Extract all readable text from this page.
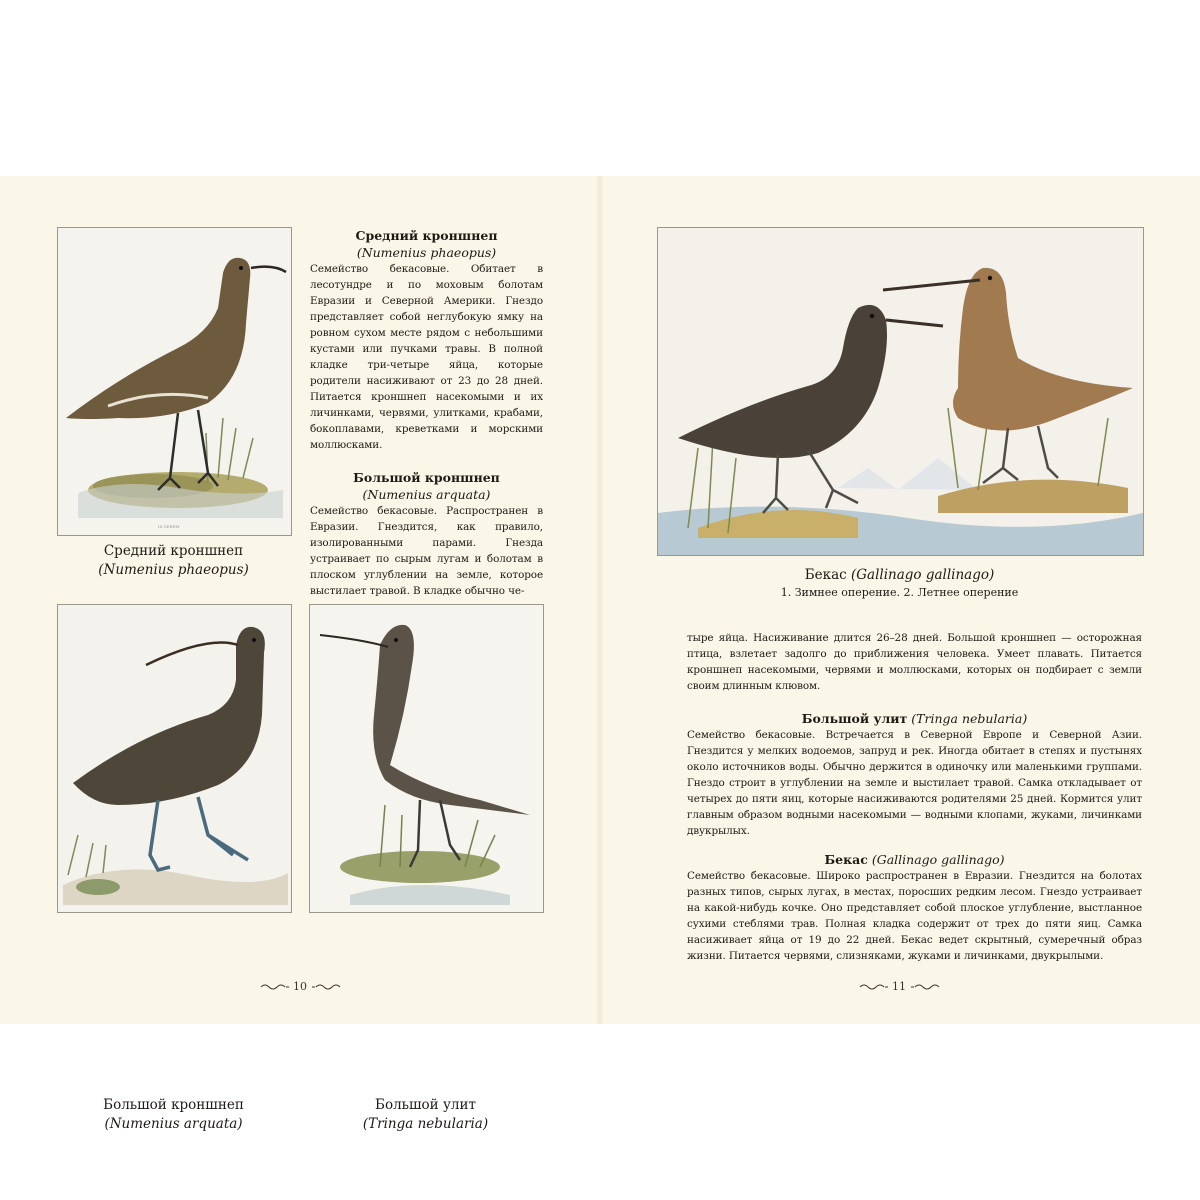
IS.GEREM
Средний кроншнеп
(Numenius phaeopus)
Семейство бекасовые. Обитает в лесотундре и по моховым болотам Евразии и Северной Америки. Гнездо представляет собой неглубокую ямку на ровном сухом месте рядом с небольшими кустами или пучками травы. В полной кладке три-четыре яйца, которые родители насиживают от 23 до 28 дней. Питается кроншнеп насекомыми и их личинками, червями, улитками, крабами, бокоплавами, креветками и морскими моллюсками.
Большой кроншнеп
(Numenius arquata)
Семейство бекасовые. Распространен в Евразии. Гнездится, как правило, изолированными парами. Гнезда устраивает по сырым лугам и болотам в плоском углублении на земле, которое выстилает травой. В кладке обычно че-
Средний кроншнеп
(Numenius phaeopus)
Большой кроншнеп
(Numenius arquata)
Большой улит
(Tringa nebularia)
10
Бекас (Gallinago gallinago)
1. Зимнее оперение. 2. Летнее оперение
тыре яйца. Насиживание длится 26–28 дней. Большой кроншнеп — осторожная птица, взлетает задолго до приближения человека. Умеет плавать. Питается кроншнеп насекомыми, червями и моллюсками, которых он подбирает с земли своим длинным клювом.
Большой улит (Tringa nebularia)
Семейство бекасовые. Встречается в Северной Европе и Северной Азии. Гнездится у мелких водоемов, запруд и рек. Иногда обитает в степях и пустынях около источников воды. Обычно держится в одиночку или маленькими группами. Гнездо строит в углублении на земле и выстилает травой. Самка откладывает от четырех до пяти яиц, которые насиживаются родителями 25 дней. Кормится улит главным образом водными насекомыми — водными клопами, жуками, личинками двукрылых.
Бекас (Gallinago gallinago)
Семейство бекасовые. Широко распространен в Евразии. Гнездится на болотах разных типов, сырых лугах, в местах, поросших редким лесом. Гнездо устраивает на какой-нибудь кочке. Оно представляет собой плоское углубление, выстланное сухими стеблями трав. Полная кладка содержит от трех до пяти яиц. Самка насиживает яйца от 19 до 22 дней. Бекас ведет скрытный, сумеречный образ жизни. Питается червями, слизняками, жуками и личинками, двукрылыми.
11
